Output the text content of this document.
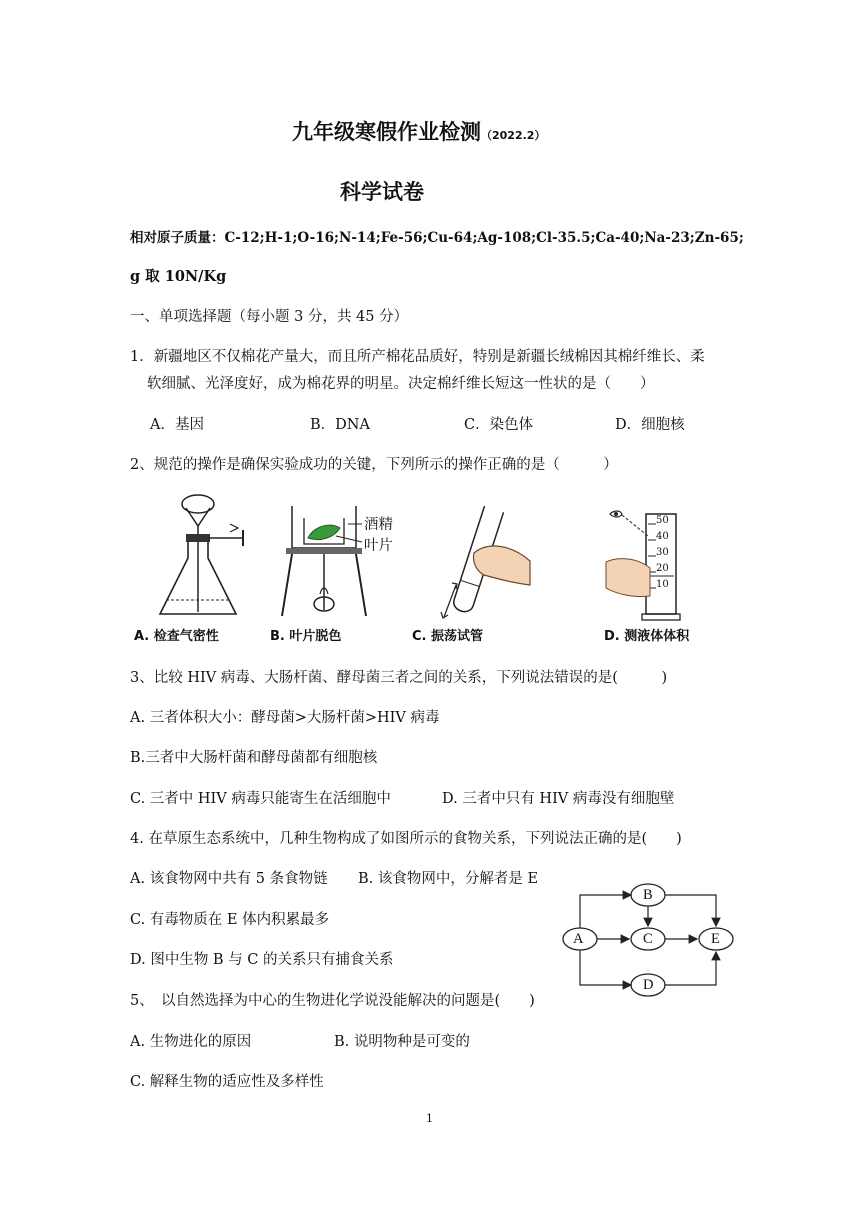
九年级寒假作业检测（2022.2）
科学试卷
相对原子质量：C-12;H-1;O-16;N-14;Fe-56;Cu-64;Ag-108;Cl-35.5;Ca-40;Na-23;Zn-65;
g 取 10N/Kg
一、单项选择题（每小题 3 分，共 45 分）
1．新疆地区不仅棉花产量大，而且所产棉花品质好，特别是新疆长绒棉因其棉纤维长、柔
软细腻、光泽度好，成为棉花界的明星。决定棉纤维长短这一性状的是（　　）
A．基因	B．DNA	C．染色体	D．细胞核
2、规范的操作是确保实验成功的关键，下列所示的操作正确的是（　　　）
A. 检查气密性
酒精
叶片
B. 叶片脱色	C. 振荡试管
50
40
30
20
10
D. 测液体体积
3、比较 HIV 病毒、大肠杆菌、酵母菌三者之间的关系，下列说法错误的是(　　　)
A. 三者体积大小：酵母菌>大肠杆菌>HIV 病毒
B.三者中大肠杆菌和酵母菌都有细胞核
C. 三者中 HIV 病毒只能寄生在活细胞中	D. 三者中只有 HIV 病毒没有细胞壁
4. 在草原生态系统中，几种生物构成了如图所示的食物关系，下列说法正确的是(　　)
A. 该食物网中共有 5 条食物链 B. 该食物网中，分解者是 E
C. 有毒物质在 E 体内积累最多
D. 图中生物 B 与 C 的关系只有捕食关系
A
B
C
D
E
5、　以自然选择为中心的生物进化学说没能解决的问题是(　　)
A. 生物进化的原因	B. 说明物种是可变的
C. 解释生物的适应性及多样性
1
